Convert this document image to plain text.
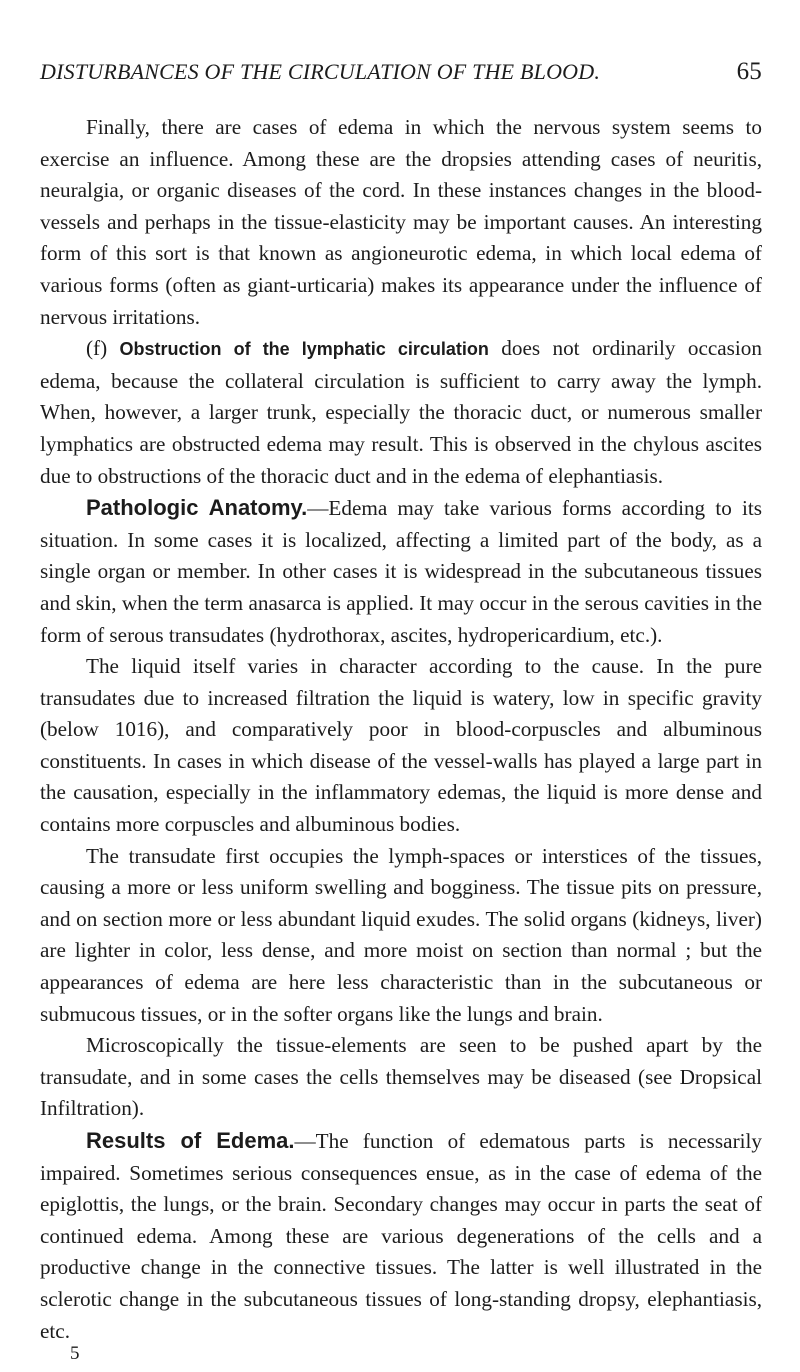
DISTURBANCES OF THE CIRCULATION OF THE BLOOD.	65

Finally, there are cases of edema in which the nervous system seems to exercise an influence. Among these are the dropsies attending cases of neuritis, neuralgia, or organic diseases of the cord. In these instances changes in the blood-vessels and perhaps in the tissue-elasticity may be important causes. An interesting form of this sort is that known as angioneurotic edema, in which local edema of various forms (often as giant-urticaria) makes its appearance under the influence of nervous irritations.

(f) Obstruction of the lymphatic circulation does not ordinarily occasion edema, because the collateral circulation is sufficient to carry away the lymph. When, however, a larger trunk, especially the thoracic duct, or numerous smaller lymphatics are obstructed edema may result. This is observed in the chylous ascites due to obstructions of the thoracic duct and in the edema of elephantiasis.

Pathologic Anatomy.—Edema may take various forms according to its situation. In some cases it is localized, affecting a limited part of the body, as a single organ or member. In other cases it is widespread in the subcutaneous tissues and skin, when the term anasarca is applied. It may occur in the serous cavities in the form of serous transudates (hydrothorax, ascites, hydropericardium, etc.).

The liquid itself varies in character according to the cause. In the pure transudates due to increased filtration the liquid is watery, low in specific gravity (below 1016), and comparatively poor in blood-corpuscles and albuminous constituents. In cases in which disease of the vessel-walls has played a large part in the causation, especially in the inflammatory edemas, the liquid is more dense and contains more corpuscles and albuminous bodies.

The transudate first occupies the lymph-spaces or interstices of the tissues, causing a more or less uniform swelling and bogginess. The tissue pits on pressure, and on section more or less abundant liquid exudes. The solid organs (kidneys, liver) are lighter in color, less dense, and more moist on section than normal ; but the appearances of edema are here less characteristic than in the subcutaneous or submucous tissues, or in the softer organs like the lungs and brain.

Microscopically the tissue-elements are seen to be pushed apart by the transudate, and in some cases the cells themselves may be diseased (see Dropsical Infiltration).

Results of Edema.—The function of edematous parts is necessarily impaired. Sometimes serious consequences ensue, as in the case of edema of the epiglottis, the lungs, or the brain. Secondary changes may occur in parts the seat of continued edema. Among these are various degenerations of the cells and a productive change in the connective tissues. The latter is well illustrated in the sclerotic change in the subcutaneous tissues of long-standing dropsy, elephantiasis, etc.

5
